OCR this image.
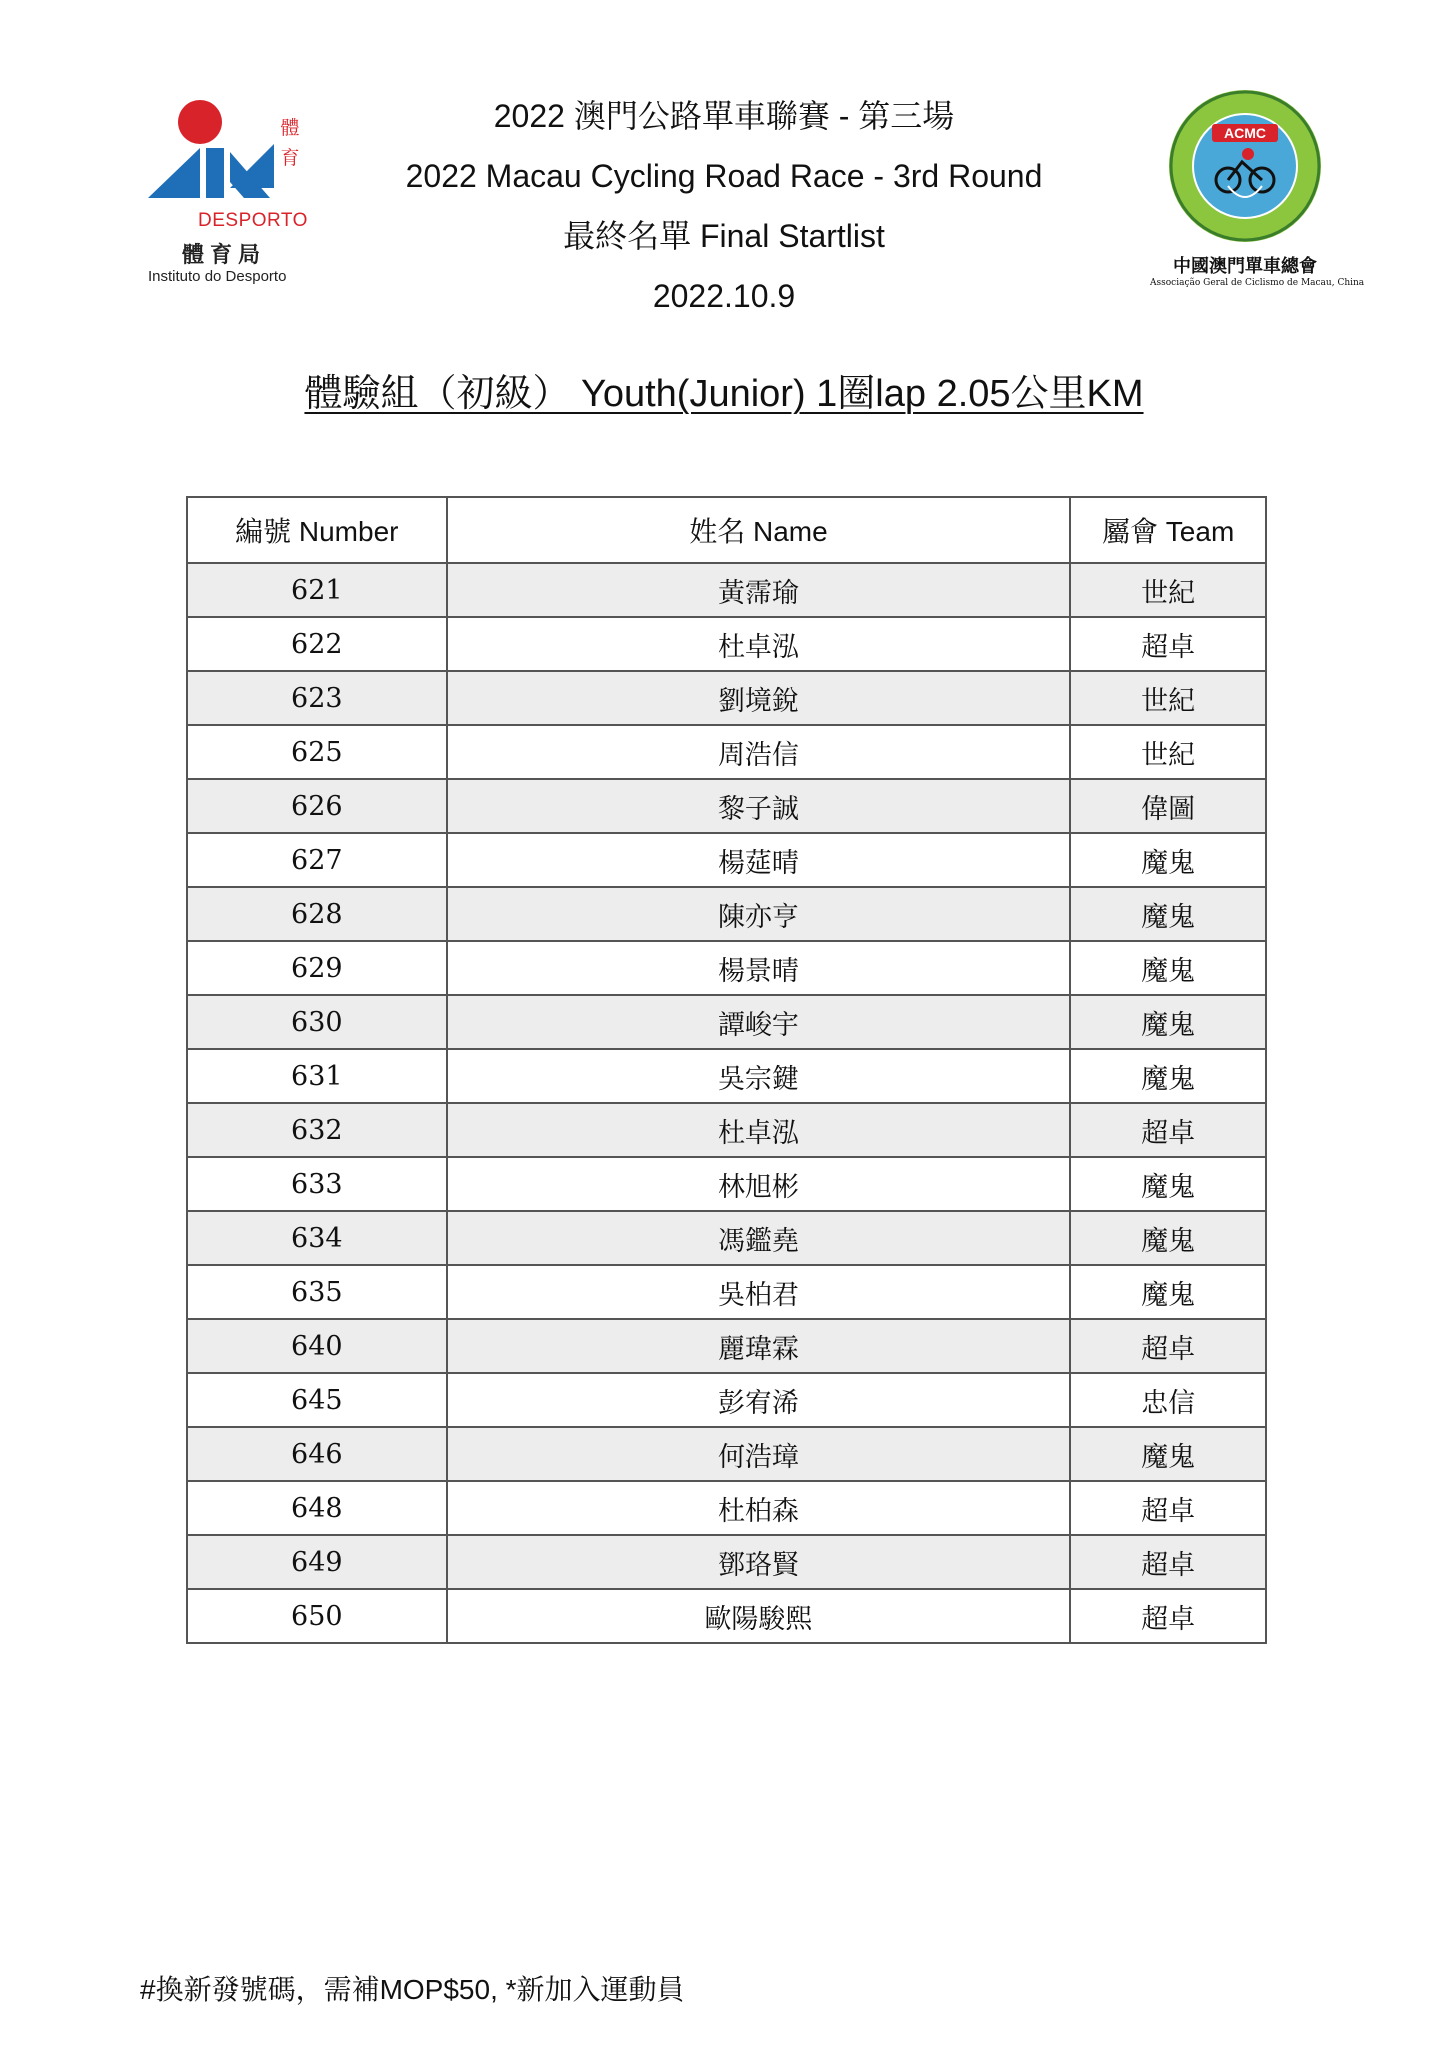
體育
DESPORTO
體育局
Instituto do Desporto
ACMC
中國澳門單車總會
Associação Geral de Ciclismo de Macau, China
2022 澳門公路單車聯賽 - 第三場
2022 Macau Cycling Road Race - 3rd Round
最終名單 Final Startlist
2022.10.9
體驗組（初級） Youth(Junior) 1圈lap 2.05公里KM
編號 Number	姓名 Name	屬會 Team
621	黃霈瑜	世紀
622	杜卓泓	超卓
623	劉境銳	世紀
625	周浩信	世紀
626	黎子誠	偉圖
627	楊莚晴	魔鬼
628	陳亦亨	魔鬼
629	楊景晴	魔鬼
630	譚峻宇	魔鬼
631	吳宗鍵	魔鬼
632	杜卓泓	超卓
633	林旭彬	魔鬼
634	馮鑑堯	魔鬼
635	吳柏君	魔鬼
640	麗瑋霖	超卓
645	彭宥浠	忠信
646	何浩璋	魔鬼
648	杜柏森	超卓
649	鄧珞賢	超卓
650	歐陽駿熙	超卓
#換新發號碼，需補MOP$50, *新加入運動員
